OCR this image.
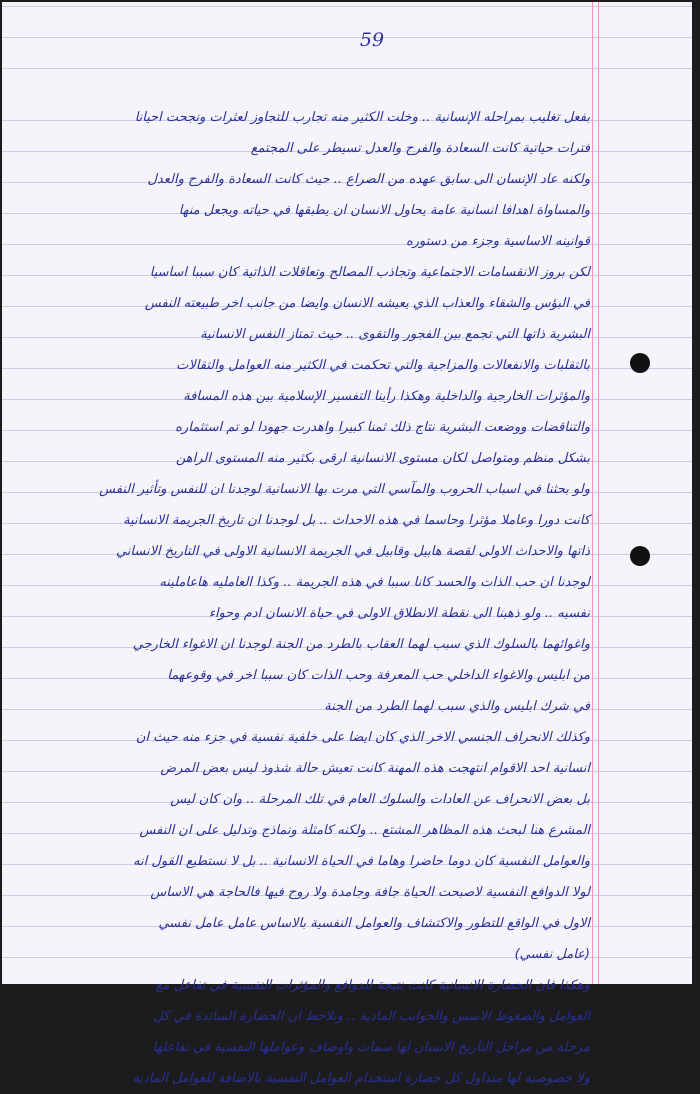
59
بفعل تغليب بمراحله الإنسانية .. وخلت الكثير منه تجارب للتجاوز لعثرات ونجحت احيانا
فترات حياتية كانت السعادة والفرح والعدل تسيطر على المجتمع
ولكنه عاد الإنسان الى سابق عهده من الصراع .. حيث كانت السعادة والفرح والعدل
والمساواة اهدافا انسانية عامة يحاول الانسان ان يطبقها في حياته ويجعل منها
قوانينه الاساسية وجزء من دستوره
لكن بروز الانقسامات الاجتماعية وتجاذب المصالح وتعاقلات الذاتية كان سببا اساسيا
في البؤس والشقاء والعذاب الذي يعيشه الانسان وايضا من جانب اخر طبيعته النفس
البشرية ذاتها التي تجمع بين الفجور والتقوى .. حيث تمتاز النفس الانسانية
بالتقلبات والانفعالات والمزاجية والتي تحكمت في الكثير منه العوامل والتقالات
والمؤثرات الخارجية والداخلية وهكذا رأينا التفسير الإسلامية بين هذه المسافة
والتناقضات ووضعت البشرية نتاج ذلك ثمنا كبيرا واهدرت جهودا لو تم استثماره
بشكل منظم ومتواصل لكان مستوى الانسانية ارقى بكثير منه المستوى الراهن
ولو بحثنا في اسباب الحروب والمآسي التي مرت بها الانسانية لوجدنا ان للنفس وتأثير النفس
كانت دورا وعاملا مؤثرا وحاسما في هذه الاحداث .. بل لوجدنا ان تاريخ الجريمة الانسانية
ذاتها والاحداث الاولى لقصة هابيل وقابيل في الجريمة الانسانية الاولى في التاريخ الانساني
لوجدنا ان حب الذات والحسد كانا سببا في هذه الجريمة .. وكذا العامليه هاعاملينه
نفسيه .. ولو ذهبنا الى نقطة الانطلاق الاولى في حياة الانسان ادم وحواء
واغوائهما بالسلوك الذي سبب لهما العقاب بالطرد من الجنة لوجدنا ان الاغواء الخارجي
من ابليس والاغواء الداخلي حب المعرفة وحب الذات كان سببا اخر في وقوعهما
في شرك ابليس والذي سبب لهما الطرد من الجنة
وكذلك الانحراف الجنسي الاخر الذي كان ايضا على خلفية نفسية في جزء منه حيث ان
انسانية احد الاقوام انتهجت هذه المهنة كانت تعيش حالة شذوذ ليس بعض المرض
بل بعض الانحراف عن العادات والسلوك العام في تلك المرحلة .. وان كان ليس
المشرع هنا لبحث هذه المظاهر المشتع .. ولكنه كامثلة ونماذج وتدليل على ان النفس
والعوامل النفسية كان دوما حاضرا وهاما في الحياة الانسانية .. بل لا نستطيع القول انه
لولا الدوافع النفسية لاصبحت الحياة جافة وجامدة ولا روح فيها فالحاجة هي الاساس
الاول في الواقع للتطور والاكتشاف والعوامل النفسية بالاساس عامل عامل نفسي
(عامل نفسي)
وهكذا فان الحضارة الانسانية كانت نتيجة للدوافع والمؤثرات النفسية في تفاعل مع
العوامل والضغوط الاسس والجوانب المادية .. ونلاحظ ان الحضارة السائدة في كل
مرحلة من مراحل التاريخ الانسان لها سمات واوصاف وعواملها النفسية في تفاعلها
ولا خصوصية لها متداول كل حضارة استخدام العوامل النفسية بالاضافة للعوامل المادية
